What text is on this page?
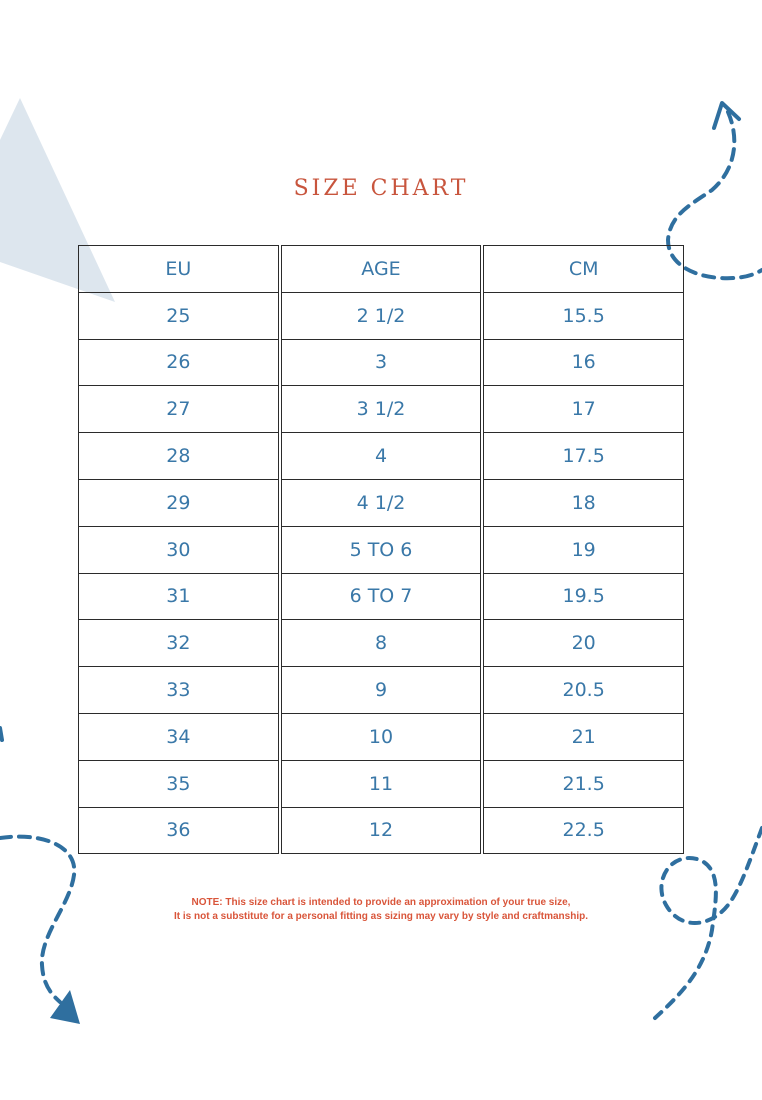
SIZE CHART
EU	AGE	CM
25	2 1/2	15.5
26	3	16
27	3 1/2	17
28	4	17.5
29	4 1/2	18
30	5 TO 6	19
31	6 TO 7	19.5
32	8	20
33	9	20.5
34	10	21
35	11	21.5
36	12	22.5
NOTE: This size chart is intended to provide an approximation of your true size,
It is not a substitute for a personal fitting as sizing may vary by style and craftmanship.
